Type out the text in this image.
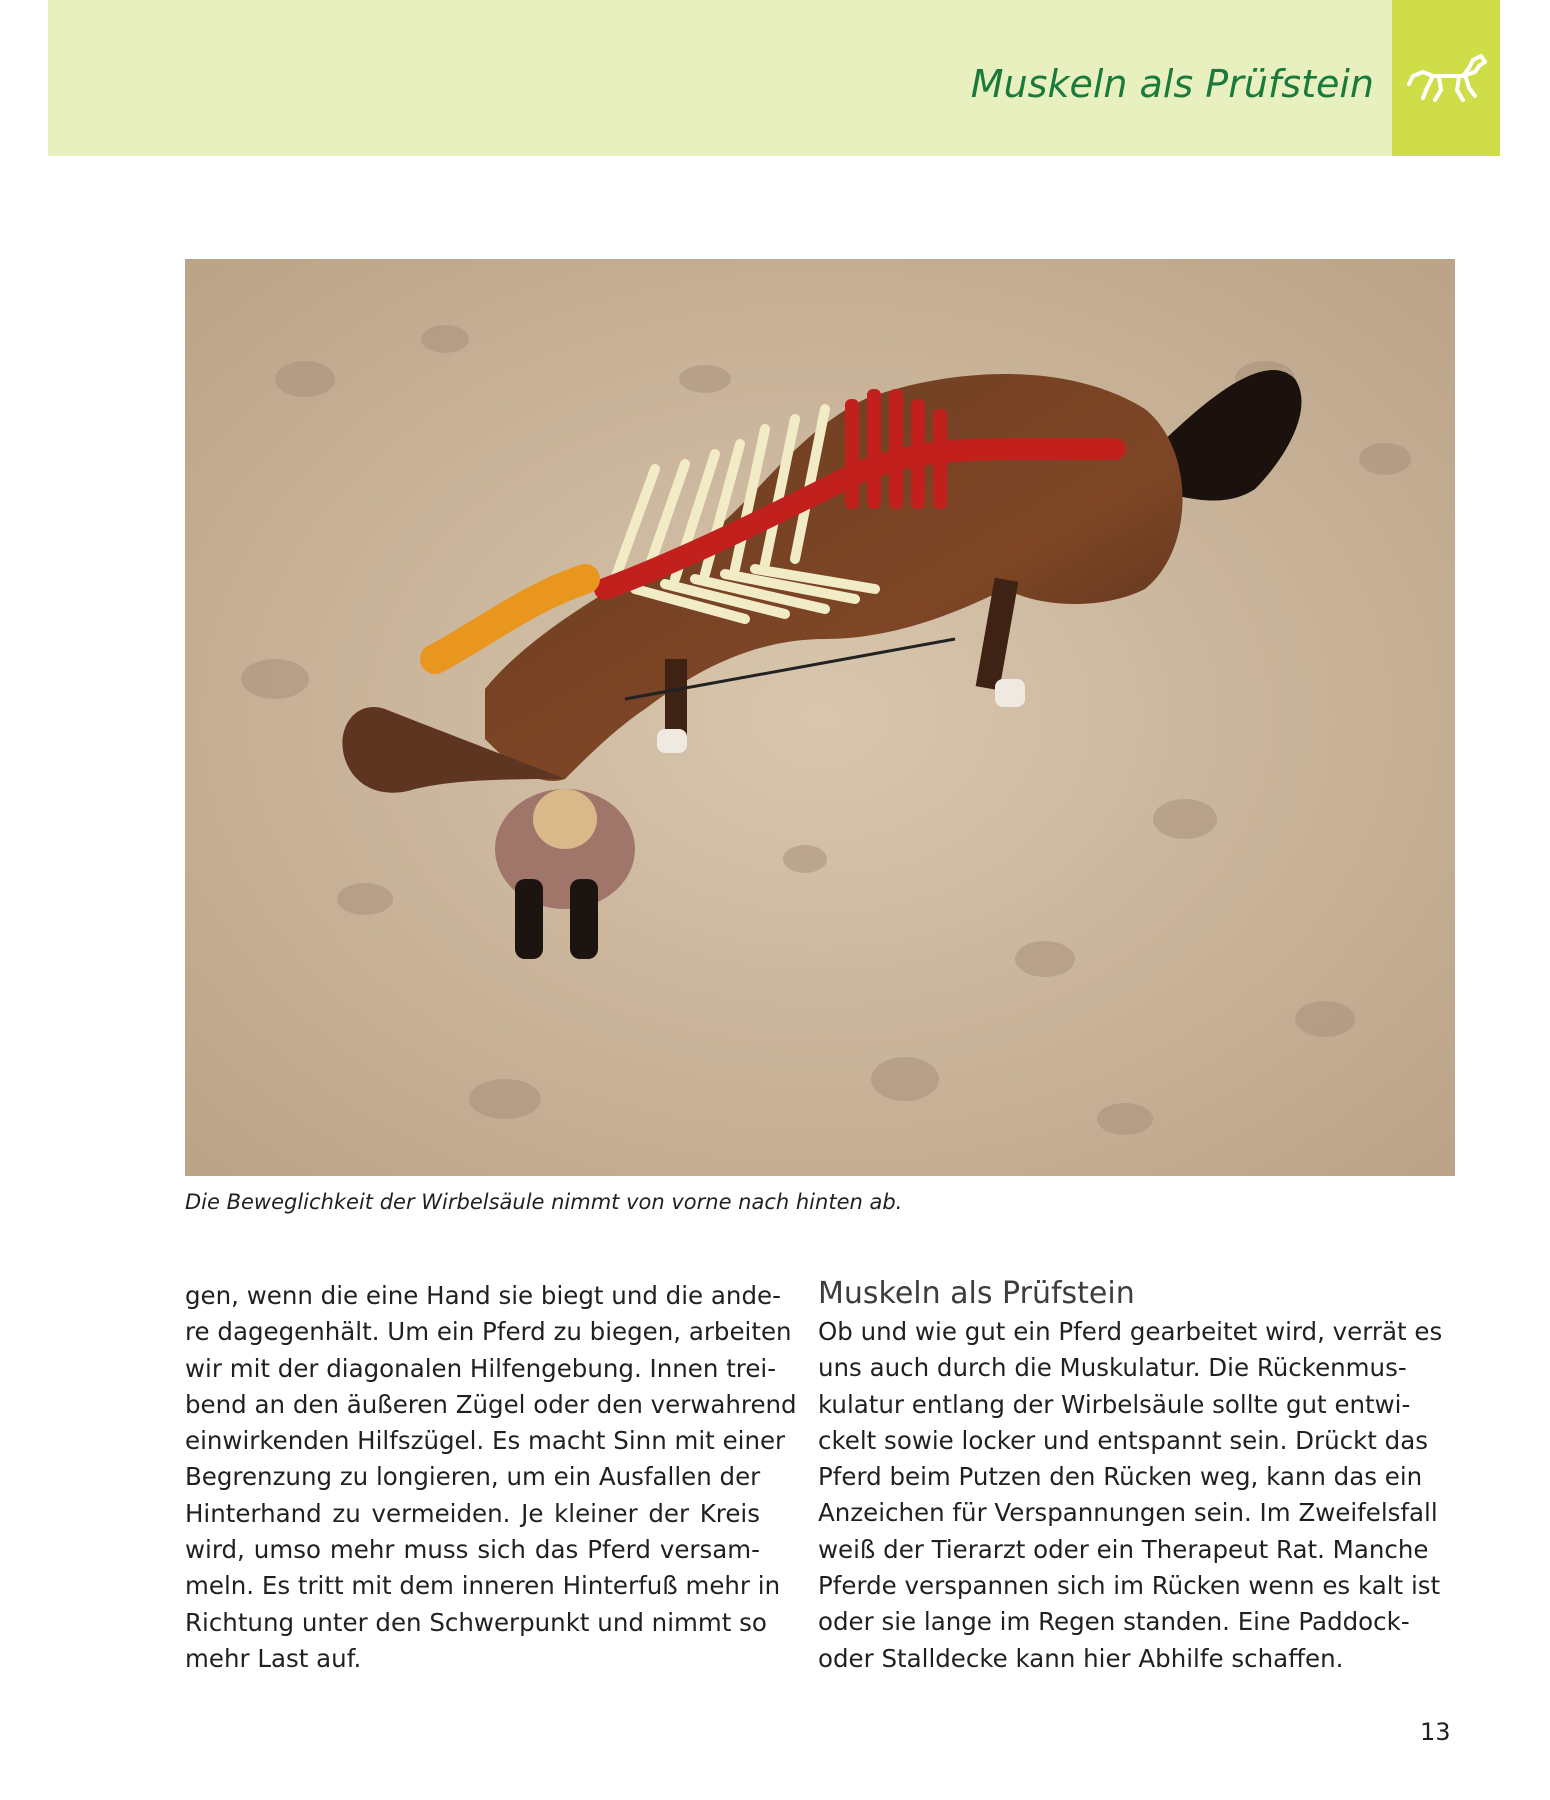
Muskeln als Prüfstein
Die Beweglichkeit der Wirbelsäule nimmt von vorne nach hinten ab.
gen, wenn die eine Hand sie biegt und die ande-
re dagegenhält. Um ein Pferd zu biegen, arbeiten
wir mit der diagonalen Hilfengebung. Innen trei-
bend an den äußeren Zügel oder den verwahrend
einwirkenden Hilfszügel. Es macht Sinn mit einer
Begrenzung zu longieren, um ein Ausfallen der
Hinterhand zu vermeiden. Je kleiner der Kreis
wird, umso mehr muss sich das Pferd versam-
meln. Es tritt mit dem inneren Hinterfuß mehr in
Richtung unter den Schwerpunkt und nimmt so
mehr Last auf.
Muskeln als Prüfstein
Ob und wie gut ein Pferd gearbeitet wird, verrät es
uns auch durch die Muskulatur. Die Rückenmus-
kulatur entlang der Wirbelsäule sollte gut entwi-
ckelt sowie locker und entspannt sein. Drückt das
Pferd beim Putzen den Rücken weg, kann das ein
Anzeichen für Verspannungen sein. Im Zweifelsfall
weiß der Tierarzt oder ein Therapeut Rat. Manche
Pferde verspannen sich im Rücken wenn es kalt ist
oder sie lange im Regen standen. Eine Paddock-
oder Stalldecke kann hier Abhilfe schaffen.
13
